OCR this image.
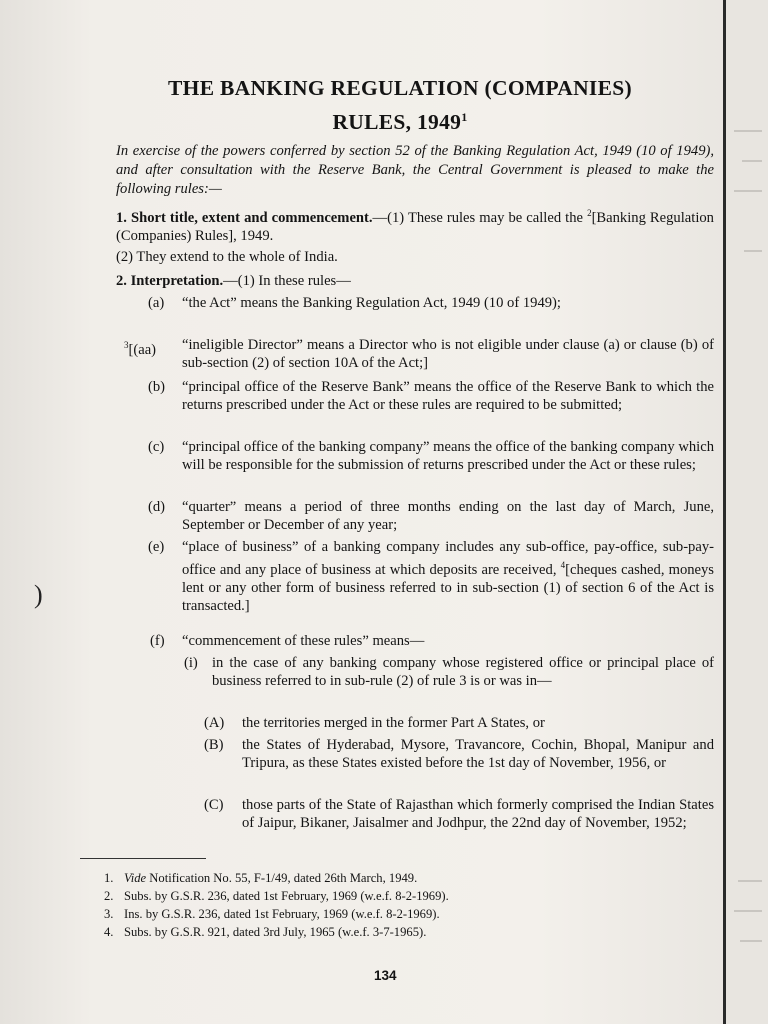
)
THE BANKING REGULATION (COMPANIES)
RULES, 1949$^1$

In exercise of the powers conferred by section 52 of the Banking Regulation Act, 1949 (10 of 1949), and after consultation with the Reserve Bank, the Central Government is pleased to make the following rules:—

1. Short title, extent and commencement.—(1) These rules may be called the $^2$[Banking Regulation (Companies) Rules], 1949.

(2) They extend to the whole of India.

2. Interpretation.—(1) In these rules—

(a) “the Act” means the Banking Regulation Act, 1949 (10 of 1949);

$^3$[(aa) “ineligible Director” means a Director who is not eligible under clause (a) or clause (b) of sub-section (2) of section 10A of the Act;]

(b) “principal office of the Reserve Bank” means the office of the Reserve Bank to which the returns prescribed under the Act or these rules are required to be submitted;

(c) “principal office of the banking company” means the office of the banking company which will be responsible for the submission of returns prescribed under the Act or these rules;

(d) “quarter” means a period of three months ending on the last day of March, June, September or December of any year;

(e) “place of business” of a banking company includes any sub-office, pay-office, sub-pay-office and any place of business at which deposits are received, $^4$[cheques cashed, moneys lent or any other form of business referred to in sub-section (1) of section 6 of the Act is transacted.]

(f) “commencement of these rules” means—

(i) in the case of any banking company whose registered office or principal place of business referred to in sub-rule (2) of rule 3 is or was in—

(A) the territories merged in the former Part A States, or

(B) the States of Hyderabad, Mysore, Travancore, Cochin, Bhopal, Manipur and Tripura, as these States existed before the 1st day of November, 1956, or

(C) those parts of the State of Rajasthan which formerly comprised the Indian States of Jaipur, Bikaner, Jaisalmer and Jodhpur, the 22nd day of November, 1952;

1. Vide Notification No. 55, F-1/49, dated 26th March, 1949.
2. Subs. by G.S.R. 236, dated 1st February, 1969 (w.e.f. 8-2-1969).
3. Ins. by G.S.R. 236, dated 1st February, 1969 (w.e.f. 8-2-1969).
4. Subs. by G.S.R. 921, dated 3rd July, 1965 (w.e.f. 3-7-1965).
134
